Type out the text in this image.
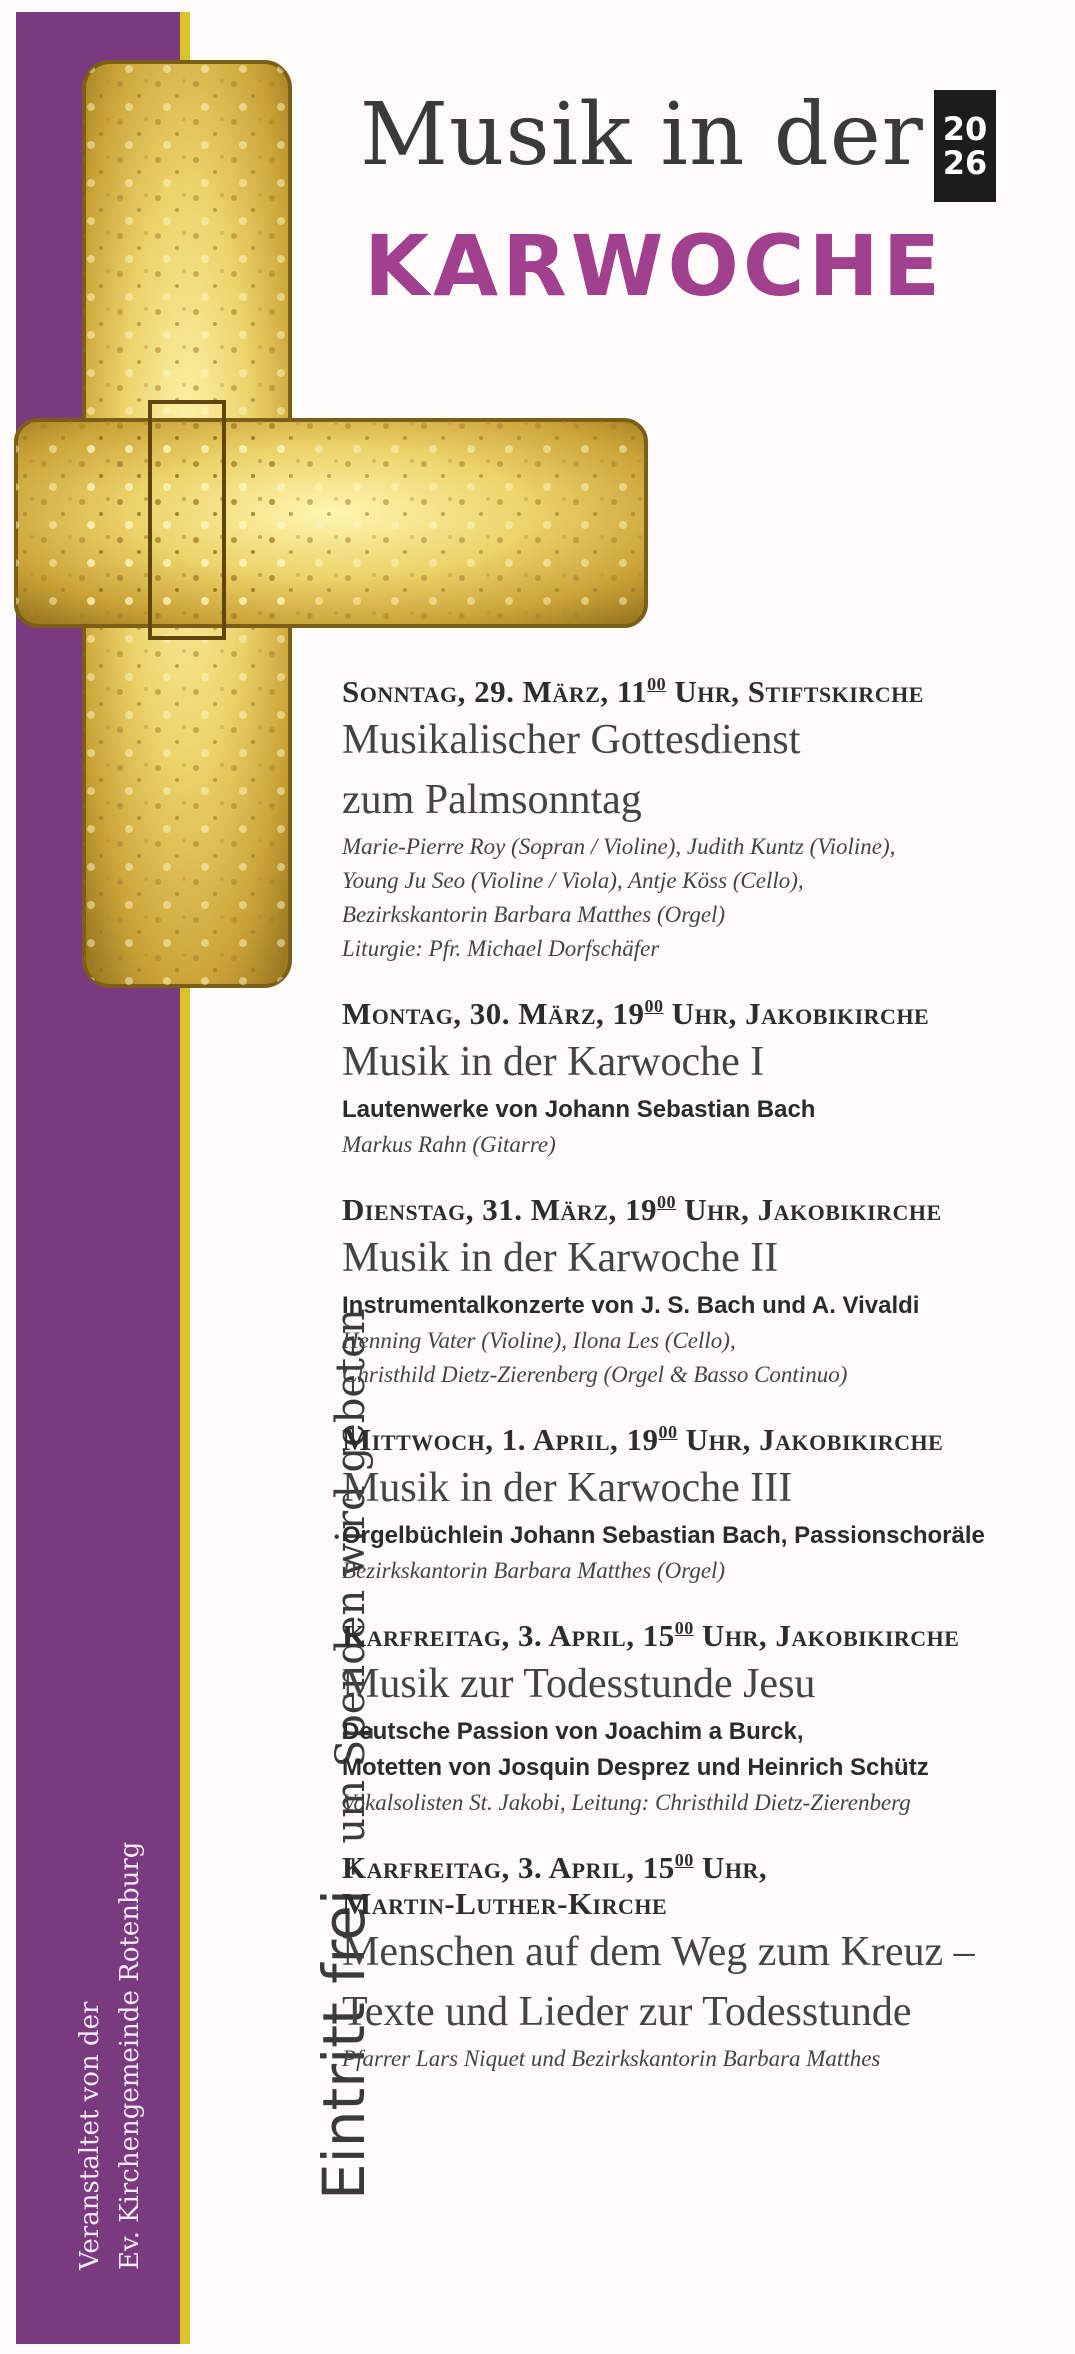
Musik in der
KARWOCHE
20
26
Eintritt frei – um Spenden wird gebeten
Veranstaltet von der Ev. Kirchengemeinde Rotenburg
Sonntag, 29. März, $11^{00}$ Uhr, Stiftskirche
Musikalischer Gottesdienst
zum Palmsonntag
Marie-Pierre Roy (Sopran / Violine), Judith Kuntz (Violine),
Young Ju Seo (Violine / Viola), Antje Köss (Cello),
Bezirkskantorin Barbara Matthes (Orgel)
Liturgie: Pfr. Michael Dorfschäfer
Montag, 30. März, $19^{00}$ Uhr, Jakobikirche
Musik in der Karwoche I
Lautenwerke von Johann Sebastian Bach
Markus Rahn (Gitarre)
Dienstag, 31. März, $19^{00}$ Uhr, Jakobikirche
Musik in der Karwoche II
Instrumentalkonzerte von J. S. Bach und A. Vivaldi
Henning Vater (Violine), Ilona Les (Cello),
Christhild Dietz-Zierenberg (Orgel & Basso Continuo)
Mittwoch, 1. April, $19^{00}$ Uhr, Jakobikirche
Musik in der Karwoche III
Orgelbüchlein Johann Sebastian Bach, Passionschoräle
Bezirkskantorin Barbara Matthes (Orgel)
Karfreitag, 3. April, $15^{00}$ Uhr, Jakobikirche
Musik zur Todesstunde Jesu
Deutsche Passion von Joachim a Burck,
Motetten von Josquin Desprez und Heinrich Schütz
Vokalsolisten St. Jakobi, Leitung: Christhild Dietz-Zierenberg
Karfreitag, 3. April, $15^{00}$ Uhr,
Martin-Luther-Kirche
Menschen auf dem Weg zum Kreuz –
Texte und Lieder zur Todesstunde
Pfarrer Lars Niquet und Bezirkskantorin Barbara Matthes
